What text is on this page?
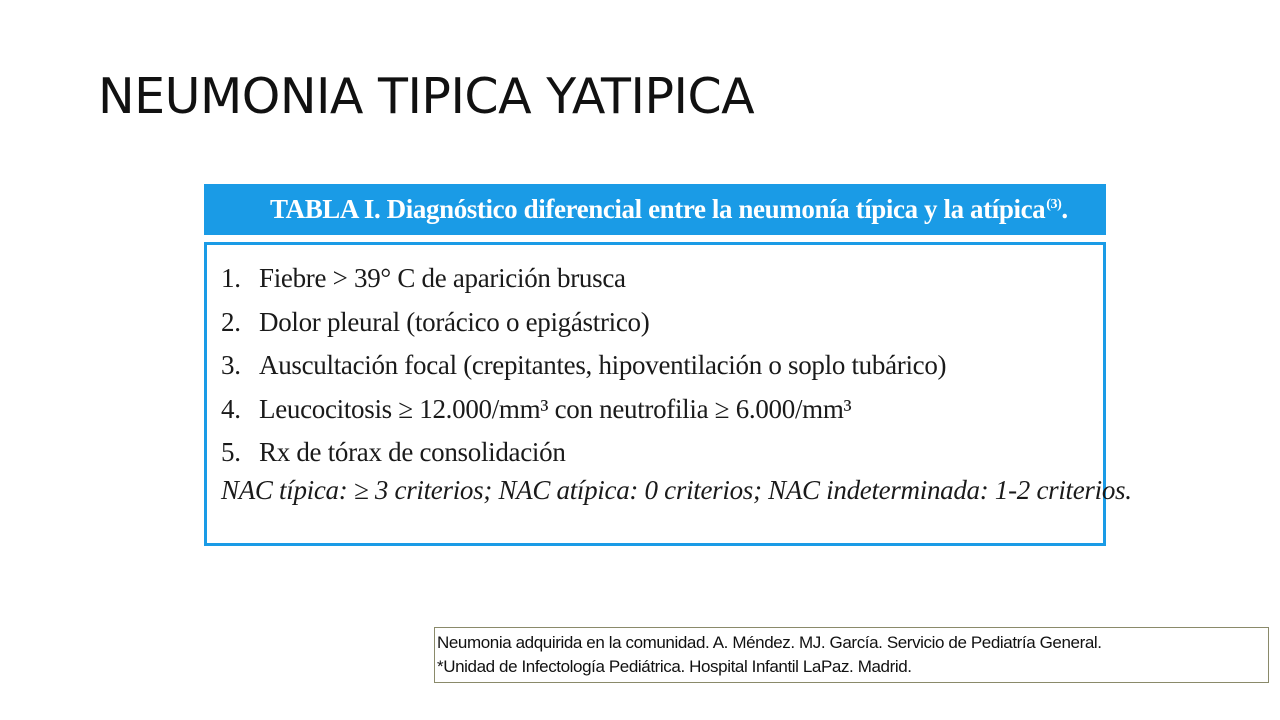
NEUMONIA TIPICA YATIPICA
TABLA I. Diagnóstico diferencial entre la neumonía típica y la atípica$^{(3)}$.
1. Fiebre > 39° C de aparición brusca
2. Dolor pleural (torácico o epigástrico)
3. Auscultación focal (crepitantes, hipoventilación o soplo tubárico)
4. Leucocitosis ≥ 12.000/mm³ con neutrofilia ≥ 6.000/mm³
5. Rx de tórax de consolidación
NAC típica: ≥ 3 criterios; NAC atípica: 0 criterios; NAC indeterminada: 1-2 criterios.
Neumonia adquirida en la comunidad. A. Méndez. MJ. García. Servicio de Pediatría General.
*Unidad de Infectología Pediátrica. Hospital Infantil LaPaz. Madrid.
